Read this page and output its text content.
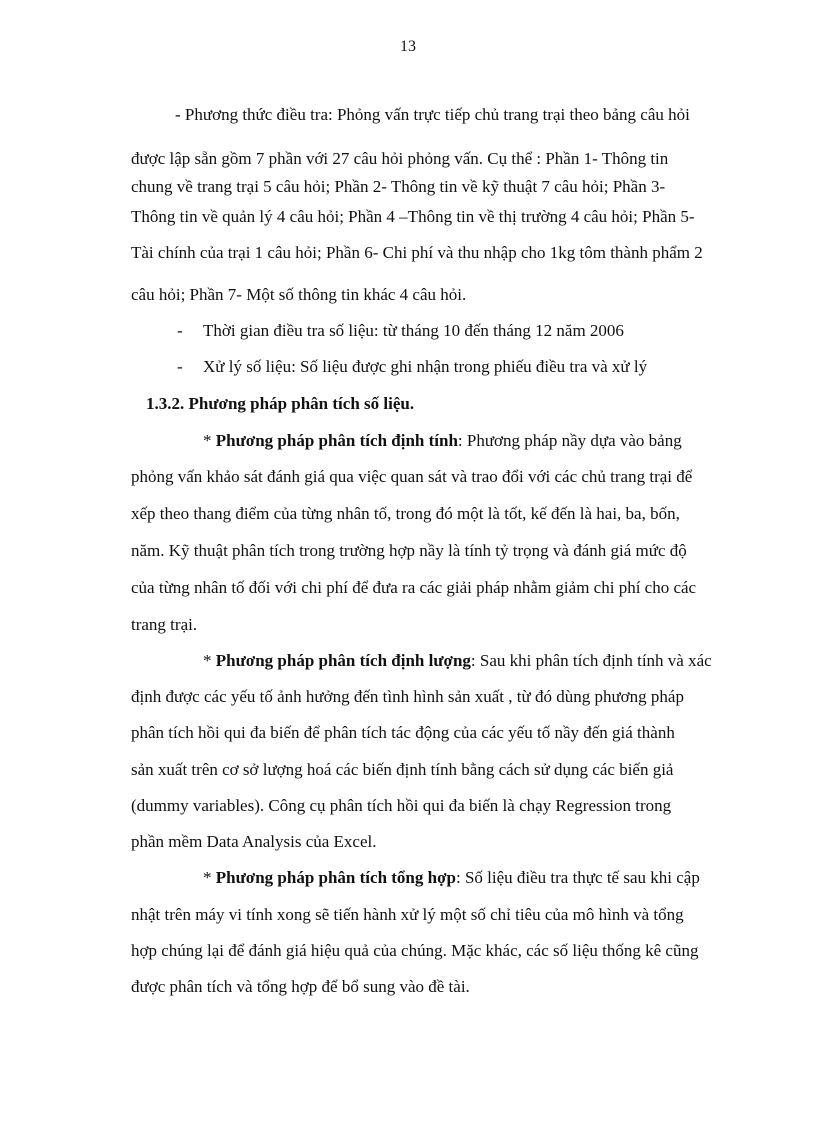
13
- Phương thức điều tra: Phỏng vấn trực tiếp chủ trang trại theo bảng câu hỏi
được lập sẵn gồm 7 phần với 27 câu hỏi phỏng vấn. Cụ thể : Phần 1- Thông tin
chung về trang trại 5 câu hỏi; Phần 2- Thông tin về kỹ thuật 7 câu hỏi; Phần 3-
Thông tin về quản lý 4 câu hỏi; Phần 4 –Thông tin về thị trường 4 câu hỏi; Phần 5-
Tài chính của trại 1 câu hỏi; Phần 6- Chi phí và thu nhập cho 1kg tôm thành phẩm 2
câu hỏi; Phần 7- Một số thông tin khác 4 câu hỏi.
- Thời gian điều tra số liệu: từ tháng 10 đến tháng 12 năm 2006
- Xử lý số liệu: Số liệu được ghi nhận trong phiếu điều tra và xử lý
1.3.2. Phương pháp phân tích số liệu.
* Phương pháp phân tích định tính: Phương pháp nầy dựa vào bảng
phỏng vấn khảo sát đánh giá qua việc quan sát và trao đổi với các chủ trang trại để
xếp theo thang điểm của từng nhân tố, trong đó một là tốt, kế đến là hai, ba, bốn,
năm. Kỹ thuật phân tích trong trường hợp nầy là tính tỷ trọng và đánh giá mức độ
của từng nhân tố đối với chi phí để đưa ra các giải pháp nhằm giảm chi phí cho các
trang trại.
* Phương pháp phân tích định lượng: Sau khi phân tích định tính và xác
định được các yếu tố ảnh hưởng đến tình hình sản xuất , từ đó dùng phương pháp
phân tích hồi qui đa biến để phân tích tác động của các yếu tố nầy đến giá thành
sản xuất trên cơ sở lượng hoá các biến định tính bằng cách sử dụng các biến giả
(dummy variables). Công cụ phân tích hồi qui đa biến là chạy Regression trong
phần mềm Data Analysis của Excel.
* Phương pháp phân tích tổng hợp: Số liệu điều tra thực tế sau khi cập
nhật trên máy vi tính xong sẽ tiến hành xử lý một số chỉ tiêu của mô hình và tổng
hợp chúng lại để đánh giá hiệu quả của chúng. Mặc khác, các số liệu thống kê cũng
được phân tích và tổng hợp để bổ sung vào đề tài.
